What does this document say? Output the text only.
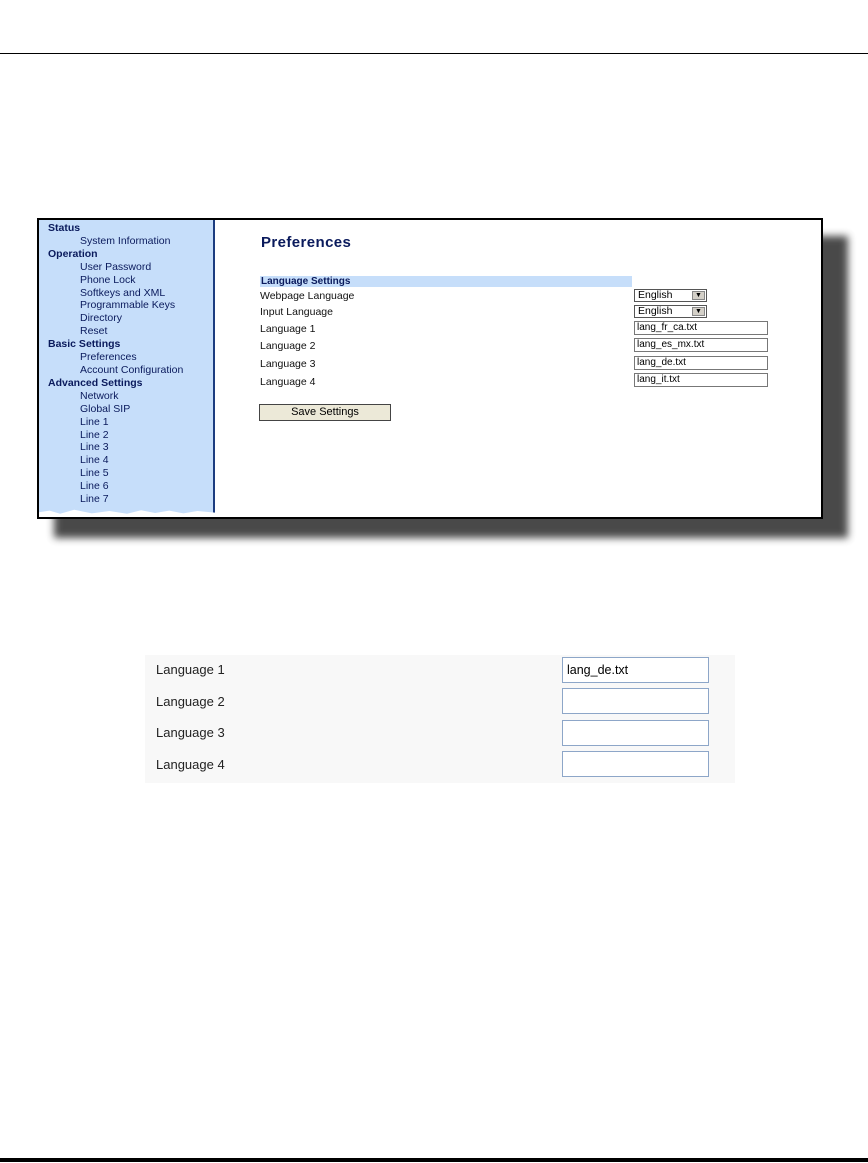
Status
System Information
Operation
User Password
Phone Lock
Softkeys and XML
Programmable Keys
Directory
Reset
Basic Settings
Preferences
Account Configuration
Advanced Settings
Network
Global SIP
Line 1
Line 2
Line 3
Line 4
Line 5
Line 6
Line 7
Preferences
Language Settings
Webpage Language	English	▼
Input Language	English	▼
Language 1	lang_fr_ca.txt
Language 2	lang_es_mx.txt
Language 3	lang_de.txt
Language 4	lang_it.txt
Save Settings
Language 1	lang_de.txt
Language 2
Language 3
Language 4
